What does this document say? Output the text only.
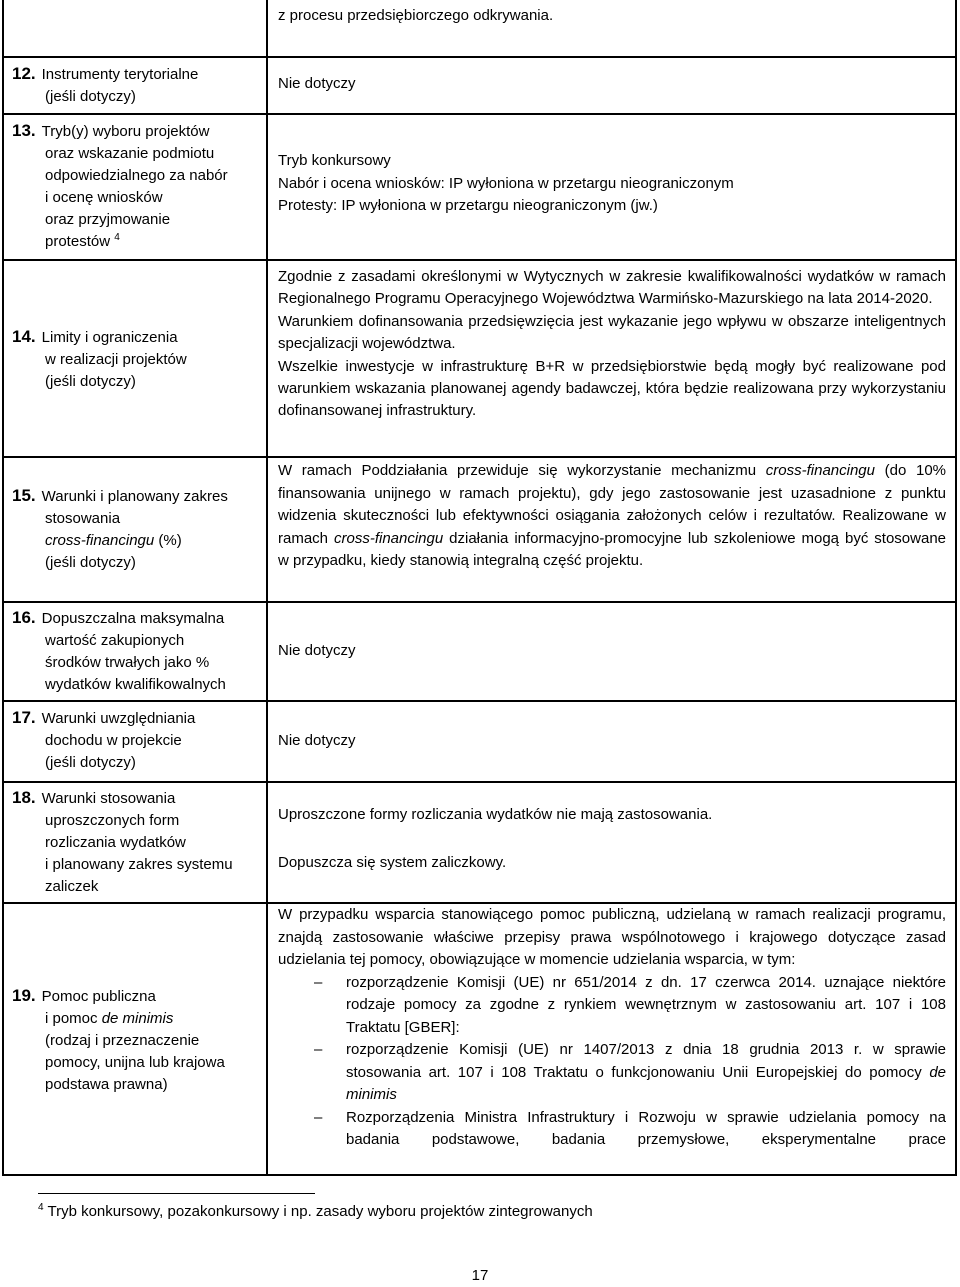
z procesu przedsiębiorczego odkrywania.
12. Instrumenty terytorialne
(jeśli dotyczy)
Nie dotyczy
13. Tryb(y) wyboru projektów
oraz wskazanie podmiotu
odpowiedzialnego za nabór
i ocenę wniosków
oraz przyjmowanie
protestów $^4$
Tryb konkursowy
Nabór i ocena wniosków: IP wyłoniona w przetargu nieograniczonym
Protesty: IP wyłoniona w przetargu nieograniczonym (jw.)
14. Limity i ograniczenia
w realizacji projektów
(jeśli dotyczy)
Zgodnie z zasadami określonymi w Wytycznych w zakresie kwalifikowalności wydatków w ramach Regionalnego Programu Operacyjnego Województwa Warmińsko-Mazurskiego na lata 2014-2020.
Warunkiem dofinansowania przedsięwzięcia jest wykazanie jego wpływu w obszarze inteligentnych specjalizacji województwa.
Wszelkie inwestycje w infrastrukturę B+R w przedsiębiorstwie będą mogły być realizowane pod warunkiem wskazania planowanej agendy badawczej, która będzie realizowana przy wykorzystaniu dofinansowanej infrastruktury.
15. Warunki i planowany zakres
stosowania
cross-financingu (%)
(jeśli dotyczy)
W ramach Poddziałania przewiduje się wykorzystanie mechanizmu cross-financingu (do 10% finansowania unijnego w ramach projektu), gdy jego zastosowanie jest uzasadnione z punktu widzenia skuteczności lub efektywności osiągania założonych celów i rezultatów. Realizowane w ramach cross-financingu działania informacyjno-promocyjne lub szkoleniowe mogą być stosowane w przypadku, kiedy stanowią integralną część projektu.
16. Dopuszczalna maksymalna
wartość zakupionych
środków trwałych jako %
wydatków kwalifikowalnych
Nie dotyczy
17. Warunki uwzględniania
dochodu w projekcie
(jeśli dotyczy)
Nie dotyczy
18. Warunki stosowania
uproszczonych form
rozliczania wydatków
i planowany zakres systemu
zaliczek
Uproszczone formy rozliczania wydatków nie mają zastosowania.
Dopuszcza się system zaliczkowy.
19. Pomoc publiczna
i pomoc de minimis
(rodzaj i przeznaczenie
pomocy, unijna lub krajowa
podstawa prawna)
W przypadku wsparcia stanowiącego pomoc publiczną, udzielaną w ramach realizacji programu, znajdą zastosowanie właściwe przepisy prawa wspólnotowego i krajowego dotyczące zasad udzielania tej pomocy, obowiązujące w momencie udzielania wsparcia, w tym:
– rozporządzenie Komisji (UE) nr 651/2014 z dn. 17 czerwca 2014. uznające niektóre rodzaje pomocy za zgodne z rynkiem wewnętrznym w zastosowaniu art. 107 i 108 Traktatu [GBER]:
– rozporządzenie Komisji (UE) nr 1407/2013 z dnia 18 grudnia 2013 r. w sprawie stosowania art. 107 i 108 Traktatu o funkcjonowaniu Unii Europejskiej do pomocy de minimis
– Rozporządzenia Ministra Infrastruktury i Rozwoju w sprawie udzielania pomocy na badania podstawowe, badania przemysłowe, eksperymentalne prace
$^4$ Tryb konkursowy, pozakonkursowy i np. zasady wyboru projektów zintegrowanych
17
